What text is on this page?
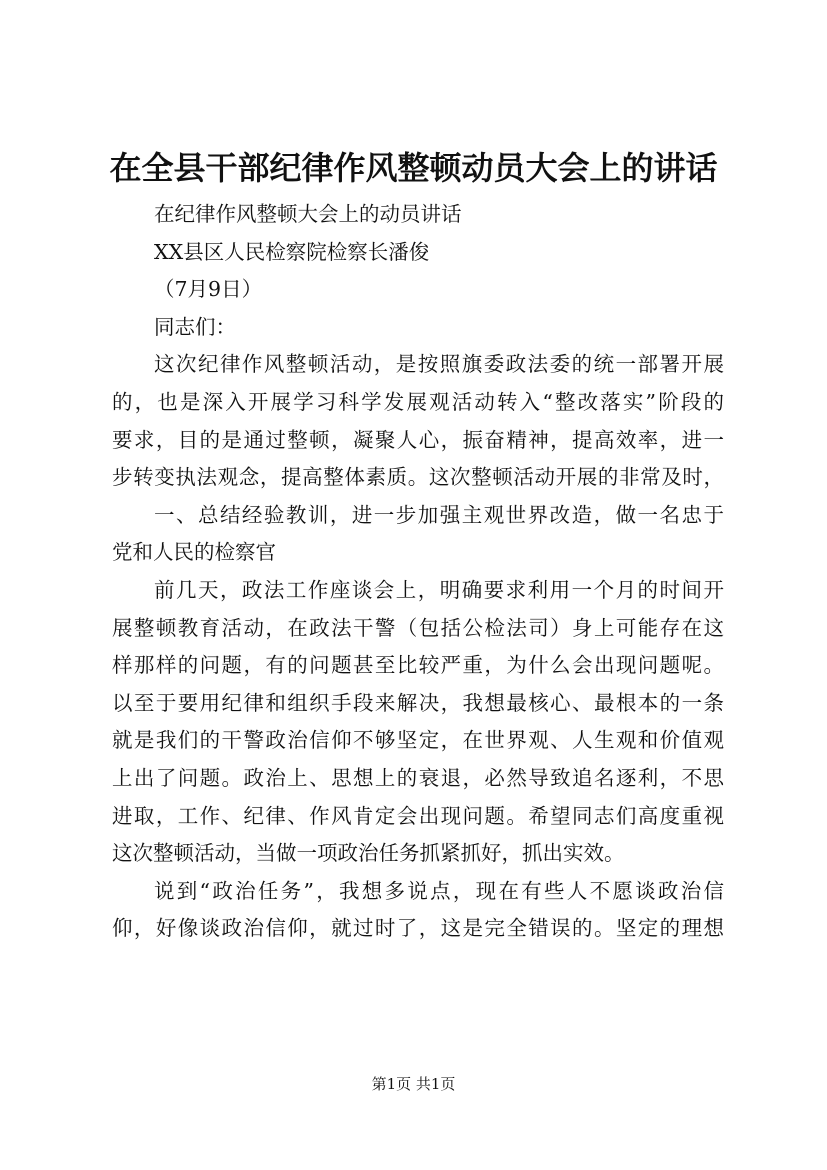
在全县干部纪律作风整顿动员大会上的讲话
在纪律作风整顿大会上的动员讲话
XX县区人民检察院检察长潘俊
（7月9日）
同志们：
这次纪律作风整顿活动，是按照旗委政法委的统一部署开展
的，也是深入开展学习科学发展观活动转入“整改落实”阶段的
要求，目的是通过整顿，凝聚人心，振奋精神，提高效率，进一
步转变执法观念，提高整体素质。这次整顿活动开展的非常及时，
一、总结经验教训，进一步加强主观世界改造，做一名忠于
党和人民的检察官
前几天，政法工作座谈会上，明确要求利用一个月的时间开
展整顿教育活动，在政法干警（包括公检法司）身上可能存在这
样那样的问题，有的问题甚至比较严重，为什么会出现问题呢。
以至于要用纪律和组织手段来解决，我想最核心、最根本的一条
就是我们的干警政治信仰不够坚定，在世界观、人生观和价值观
上出了问题。政治上、思想上的衰退，必然导致追名逐利，不思
进取，工作、纪律、作风肯定会出现问题。希望同志们高度重视
这次整顿活动，当做一项政治任务抓紧抓好，抓出实效。
说到“政治任务”，我想多说点，现在有些人不愿谈政治信
仰，好像谈政治信仰，就过时了，这是完全错误的。坚定的理想
第1页 共1页
